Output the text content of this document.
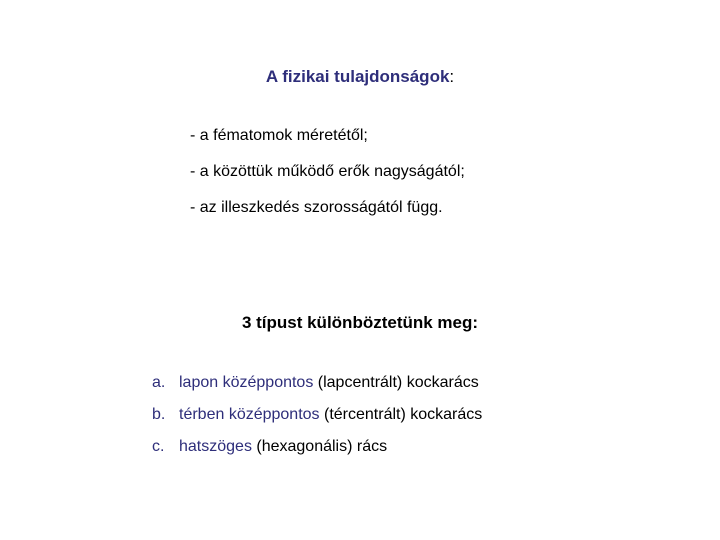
A fizikai tulajdonságok:
- a fématomok méretétől;
- a közöttük működő erők nagyságától;
- az illeszkedés szorosságától függ.
3 típust különböztetünk meg:
a. lapon középpontos (lapcentrált) kockarács
b. térben középpontos (tércentrált) kockarács
c. hatszöges (hexagonális) rács
